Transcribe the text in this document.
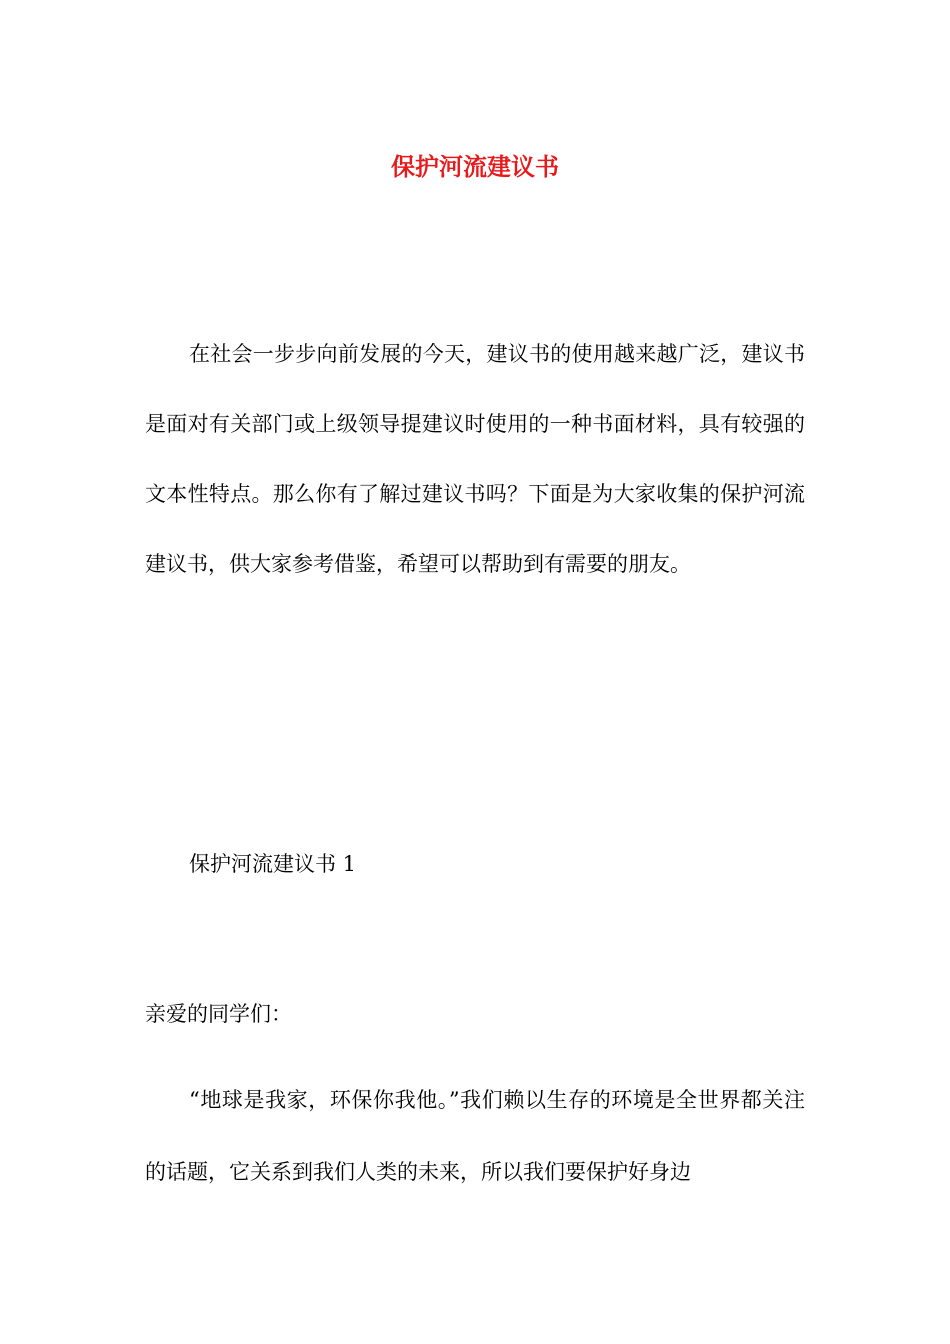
保护河流建议书

在社会一步步向前发展的今天，建议书的使用越来越广泛，建议书是面对有关部门或上级领导提建议时使用的一种书面材料，具有较强的文本性特点。那么你有了解过建议书吗？下面是为大家收集的保护河流建议书，供大家参考借鉴，希望可以帮助到有需要的朋友。

保护河流建议书 1

亲爱的同学们：

“地球是我家，环保你我他。”我们赖以生存的环境是全世界都关注的话题，它关系到我们人类的未来，所以我们要保护好身边
